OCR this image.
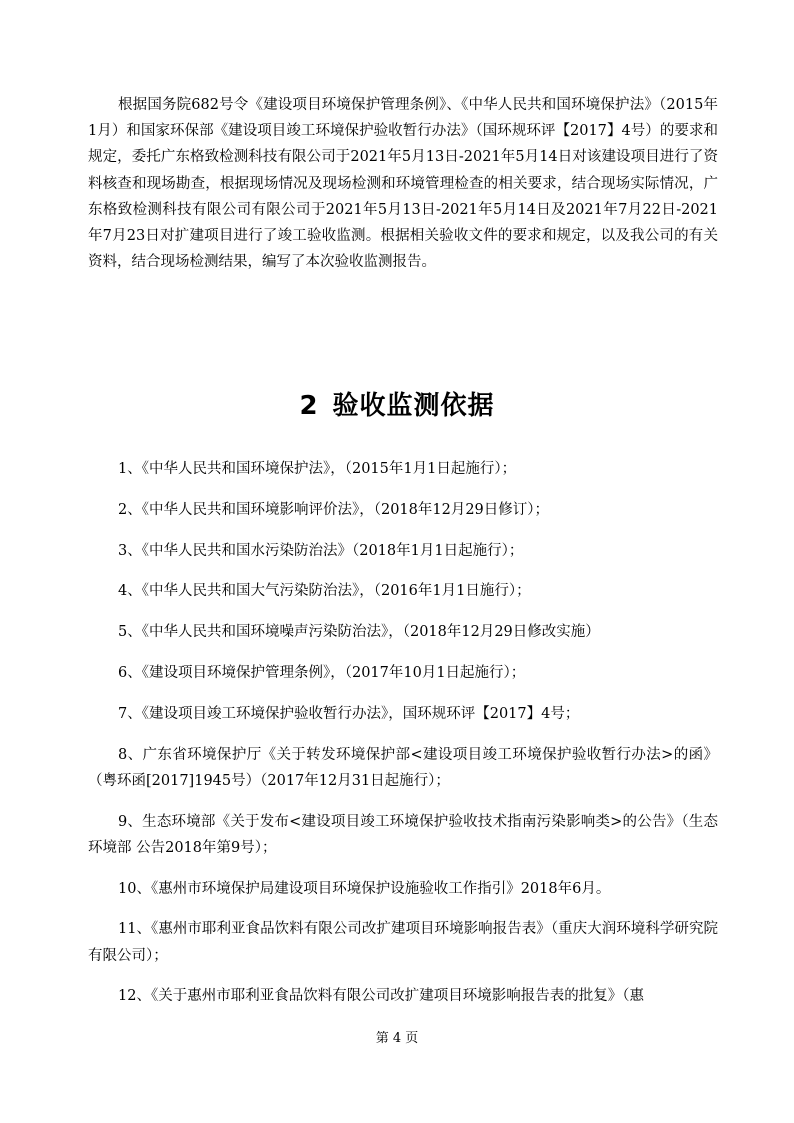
根据国务院682号令《建设项目环境保护管理条例》、《中华人民共和国环境保护法》（2015年1月）和国家环保部《建设项目竣工环境保护验收暂行办法》（国环规环评【2017】4号）的要求和规定，委托广东格致检测科技有限公司于2021年5月13日-2021年5月14日对该建设项目进行了资料核查和现场勘查，根据现场情况及现场检测和环境管理检查的相关要求，结合现场实际情况，广东格致检测科技有限公司有限公司于2021年5月13日-2021年5月14日及2021年7月22日-2021年7月23日对扩建项目进行了竣工验收监测。根据相关验收文件的要求和规定，以及我公司的有关资料，结合现场检测结果，编写了本次验收监测报告。

2 验收监测依据
1、《中华人民共和国环境保护法》，（2015年1月1日起施行）；
2、《中华人民共和国环境影响评价法》，（2018年12月29日修订）；
3、《中华人民共和国水污染防治法》（2018年1月1日起施行）；
4、《中华人民共和国大气污染防治法》，（2016年1月1日施行）；
5、《中华人民共和国环境噪声污染防治法》，（2018年12月29日修改实施）
6、《建设项目环境保护管理条例》，（2017年10月1日起施行）；
7、《建设项目竣工环境保护验收暂行办法》，国环规环评【2017】4号；
8、广东省环境保护厅《关于转发环境保护部<建设项目竣工环境保护验收暂行办法>的函》（粤环函[2017]1945号）（2017年12月31日起施行）；
9、生态环境部《关于发布<建设项目竣工环境保护验收技术指南污染影响类>的公告》（生态环境部 公告2018年第9号）；
10、《惠州市环境保护局建设项目环境保护设施验收工作指引》2018年6月。
11、《惠州市耶利亚食品饮料有限公司改扩建项目环境影响报告表》（重庆大润环境科学研究院有限公司）；
12、《关于惠州市耶利亚食品饮料有限公司改扩建项目环境影响报告表的批复》（惠
第 4 页
